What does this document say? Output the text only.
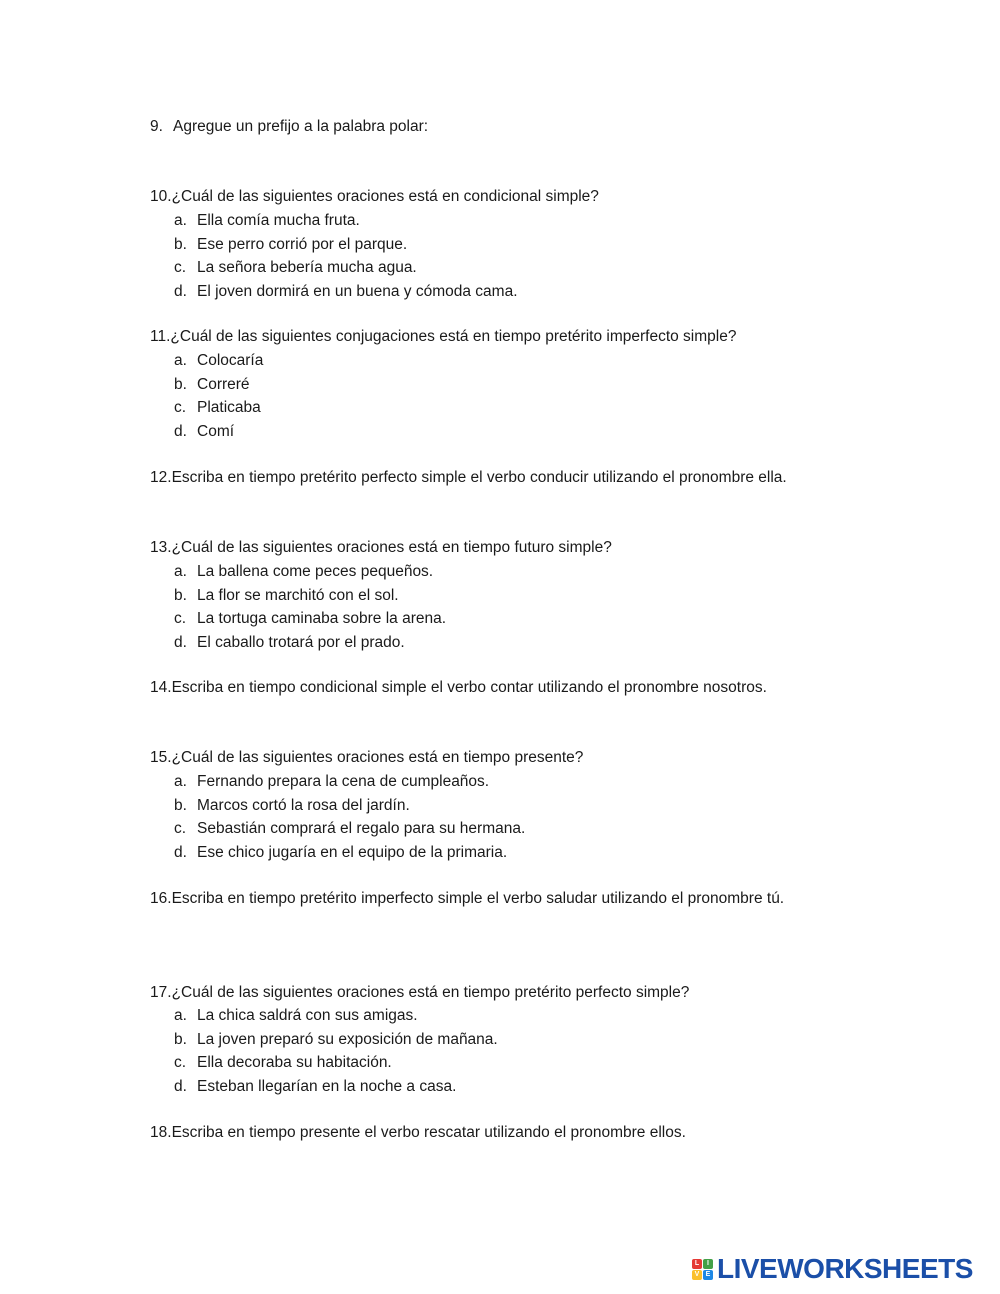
9. Agregue un prefijo a la palabra polar:
10.¿Cuál de las siguientes oraciones está en condicional simple?
a. Ella comía mucha fruta.
b. Ese perro corrió por el parque.
c. La señora bebería mucha agua.
d. El joven dormirá en un buena y cómoda cama.
11.¿Cuál de las siguientes conjugaciones está en tiempo pretérito imperfecto simple?
a. Colocaría
b. Correré
c. Platicaba
d. Comí
12.Escriba en tiempo pretérito perfecto simple el verbo conducir utilizando el pronombre ella.
13.¿Cuál de las siguientes oraciones está en tiempo futuro simple?
a. La ballena come peces pequeños.
b. La flor se marchitó con el sol.
c. La tortuga caminaba sobre la arena.
d. El caballo trotará por el prado.
14.Escriba en tiempo condicional simple el verbo contar utilizando el pronombre nosotros.
15.¿Cuál de las siguientes oraciones está en tiempo presente?
a. Fernando prepara la cena de cumpleaños.
b. Marcos cortó la rosa del jardín.
c. Sebastián comprará el regalo para su hermana.
d. Ese chico jugaría en el equipo de la primaria.
16.Escriba en tiempo pretérito imperfecto simple el verbo saludar utilizando el pronombre tú.
17.¿Cuál de las siguientes oraciones está en tiempo pretérito perfecto simple?
a. La chica saldrá con sus amigas.
b. La joven preparó su exposición de mañana.
c. Ella decoraba su habitación.
d. Esteban llegarían en la noche a casa.
18.Escriba en tiempo presente el verbo rescatar utilizando el pronombre ellos.
L	I
V E LIVEWORKSHEETS
